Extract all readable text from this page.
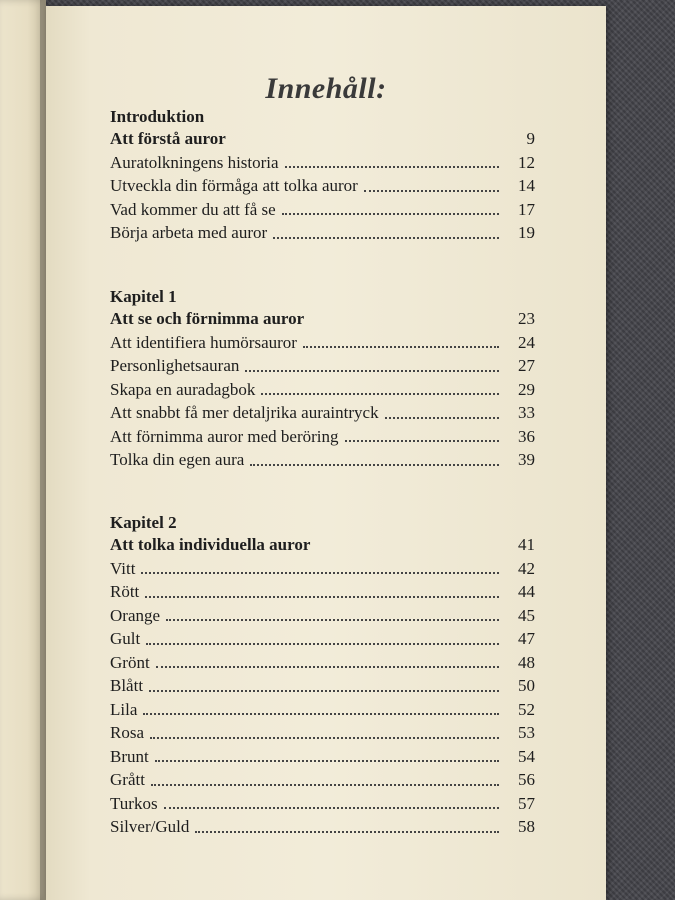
Innehåll:
Introduktion
Att förstå auror	9
Auratolkningens historia	12
Utveckla din förmåga att tolka auror	14
Vad kommer du att få se	17
Börja arbeta med auror	19
Kapitel 1
Att se och förnimma auror	23
Att identifiera humörsauror	24
Personlighetsauran	27
Skapa en auradagbok	29
Att snabbt få mer detaljrika auraintryck	33
Att förnimma auror med beröring	36
Tolka din egen aura	39
Kapitel 2
Att tolka individuella auror	41
Vitt	42
Rött	44
Orange	45
Gult	47
Grönt	48
Blått	50
Lila	52
Rosa	53
Brunt	54
Grått	56
Turkos	57
Silver/Guld	58
